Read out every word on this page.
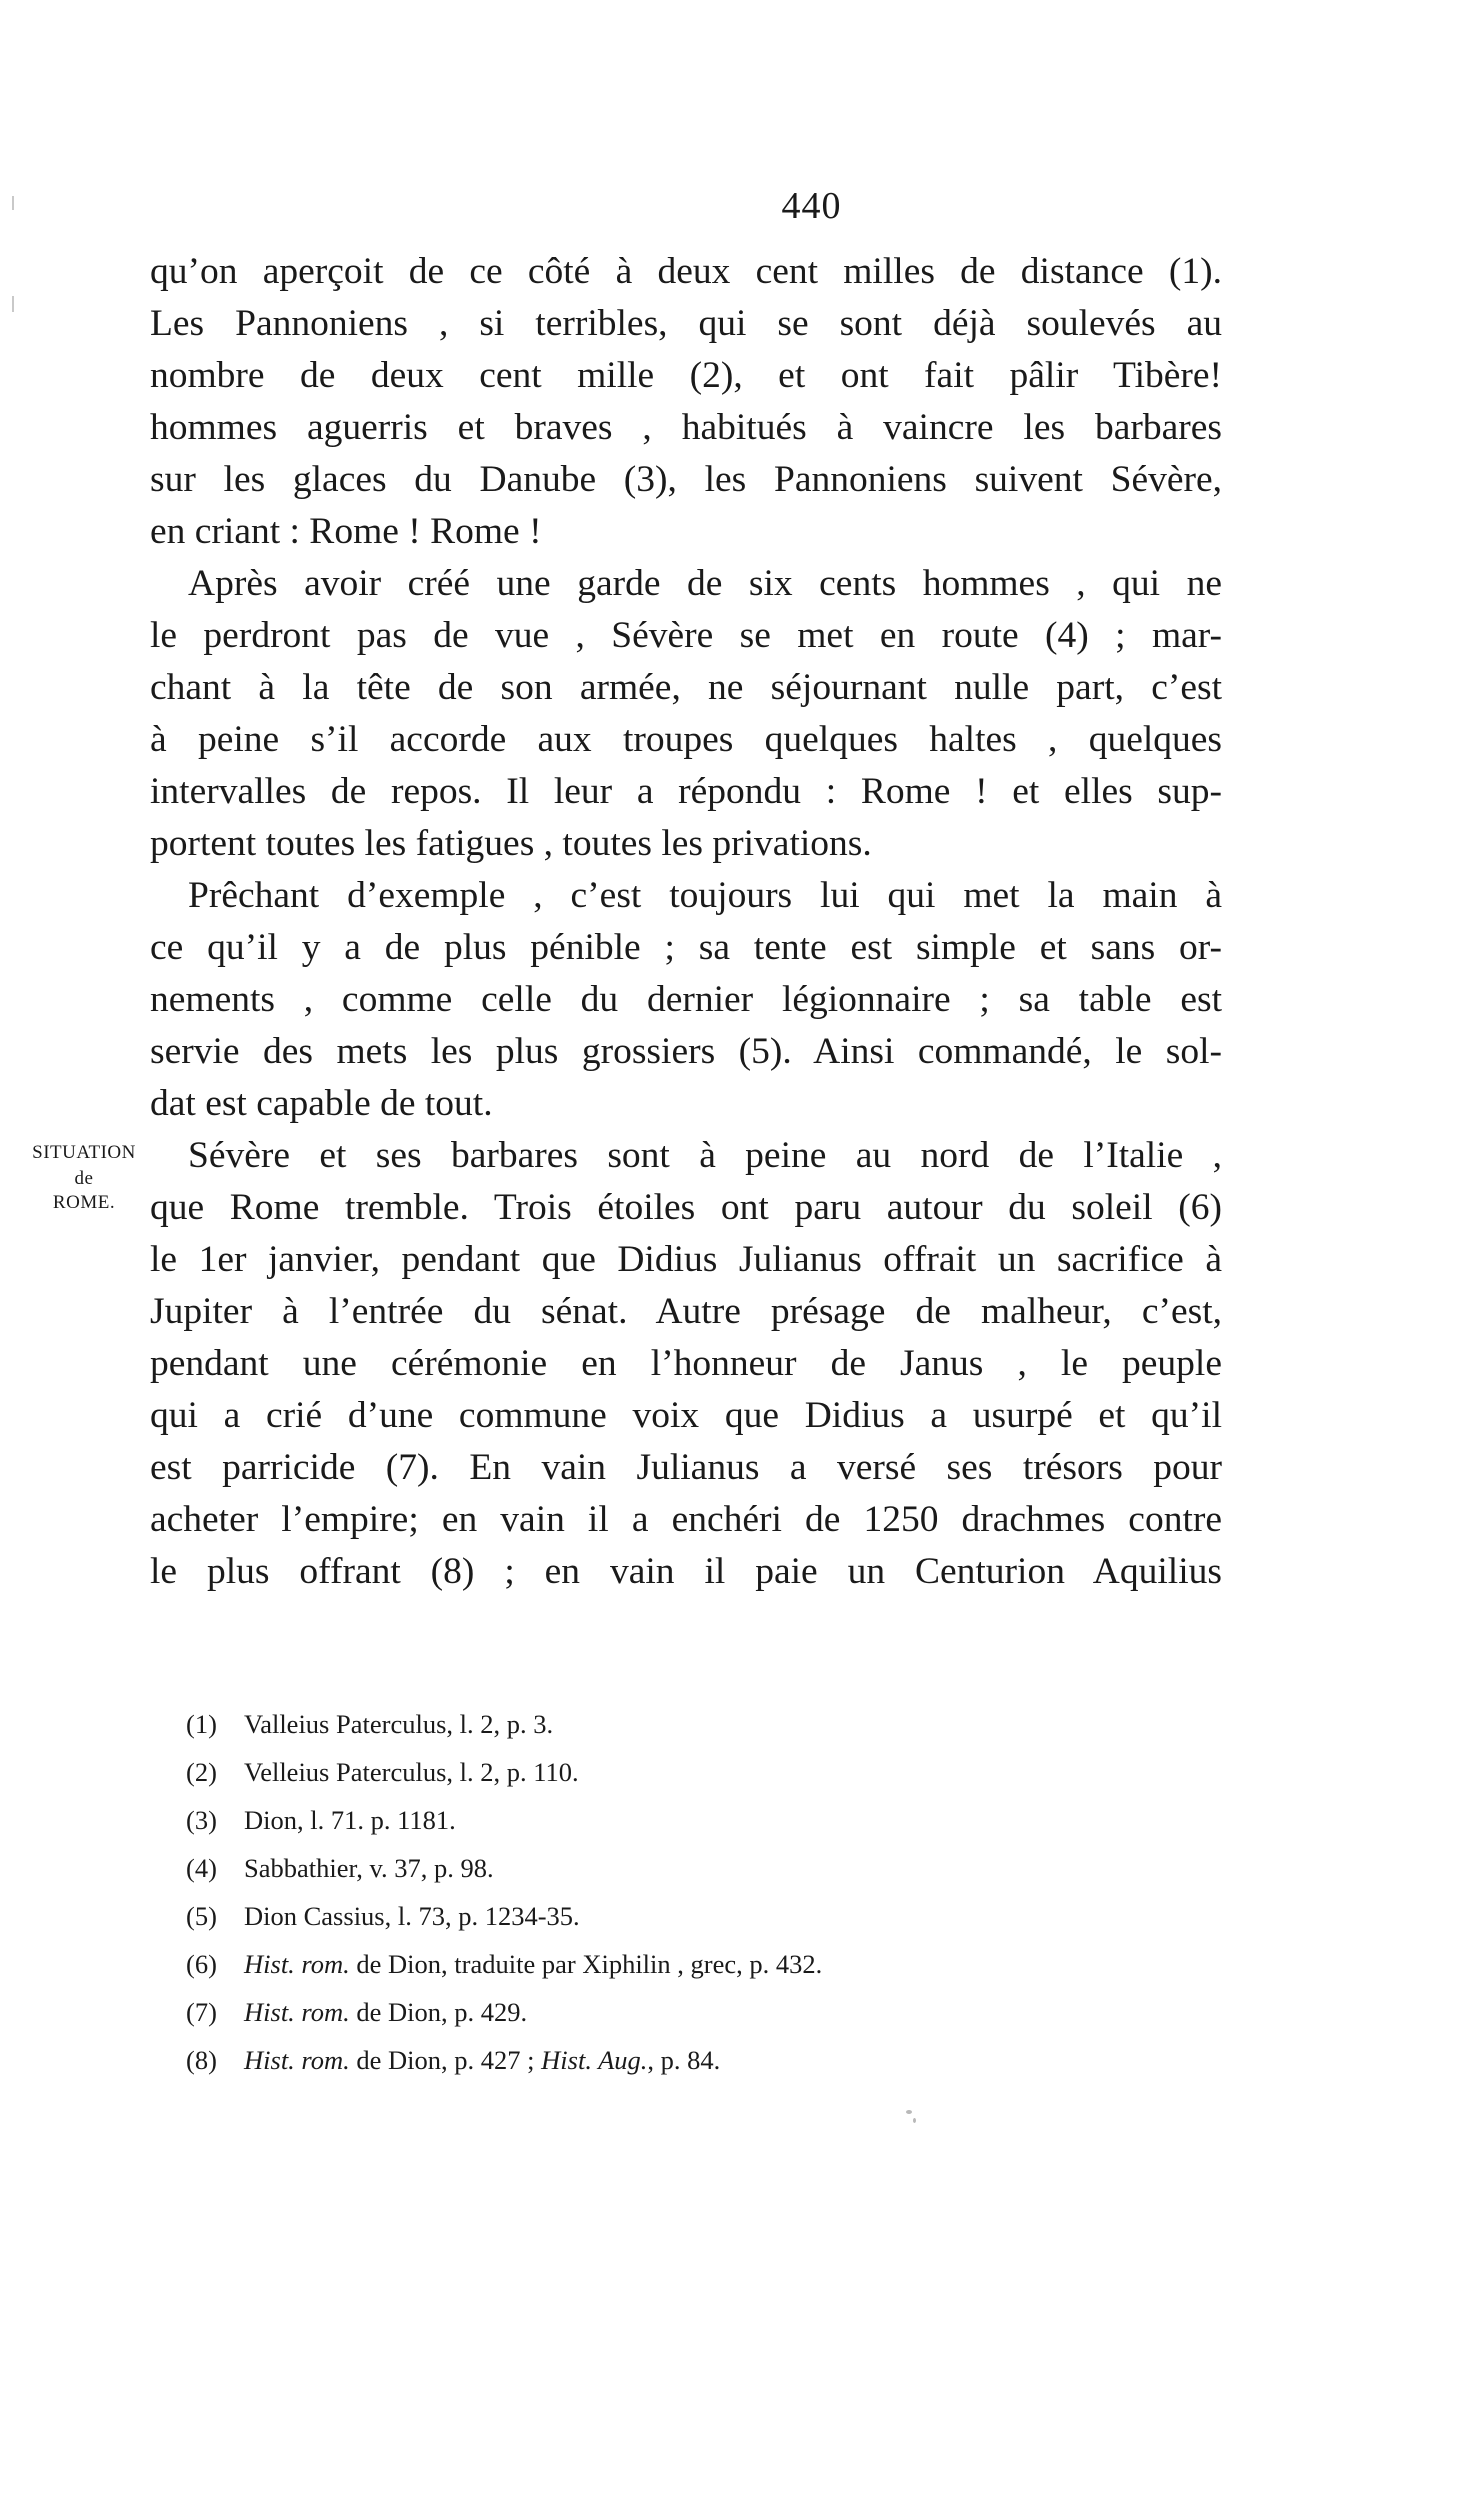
440
SITUATION
de
ROME.
qu’on aperçoit de ce côté à deux cent milles de distance (1).
Les Pannoniens , si terribles, qui se sont déjà soulevés au
nombre de deux cent mille (2), et ont fait pâlir Tibère!
hommes aguerris et braves , habitués à vaincre les barbares
sur les glaces du Danube (3), les Pannoniens suivent Sévère,
en criant : Rome ! Rome !
Après avoir créé une garde de six cents hommes , qui ne
le perdront pas de vue , Sévère se met en route (4) ; mar-
chant à la tête de son armée, ne séjournant nulle part, c’est
à peine s’il accorde aux troupes quelques haltes , quelques
intervalles de repos. Il leur a répondu : Rome ! et elles sup-
portent toutes les fatigues , toutes les privations.
Prêchant d’exemple , c’est toujours lui qui met la main à
ce qu’il y a de plus pénible ; sa tente est simple et sans or-
nements , comme celle du dernier légionnaire ; sa table est
servie des mets les plus grossiers (5). Ainsi commandé, le sol-
dat est capable de tout.
Sévère et ses barbares sont à peine au nord de l’Italie ,
que Rome tremble. Trois étoiles ont paru autour du soleil (6)
le 1er janvier, pendant que Didius Julianus offrait un sacrifice à
Jupiter à l’entrée du sénat. Autre présage de malheur, c’est,
pendant une cérémonie en l’honneur de Janus , le peuple
qui a crié d’une commune voix que Didius a usurpé et qu’il
est parricide (7). En vain Julianus a versé ses trésors pour
acheter l’empire; en vain il a enchéri de 1250 drachmes contre
le plus offrant (8) ; en vain il paie un Centurion Aquilius
(1) Valleius Paterculus, l. 2, p. 3.
(2) Velleius Paterculus, l. 2, p. 110.
(3) Dion, l. 71. p. 1181.
(4) Sabbathier, v. 37, p. 98.
(5) Dion Cassius, l. 73, p. 1234-35.
(6) Hist. rom. de Dion, traduite par Xiphilin , grec, p. 432.
(7) Hist. rom. de Dion, p. 429.
(8) Hist. rom. de Dion, p. 427 ; Hist. Aug., p. 84.
